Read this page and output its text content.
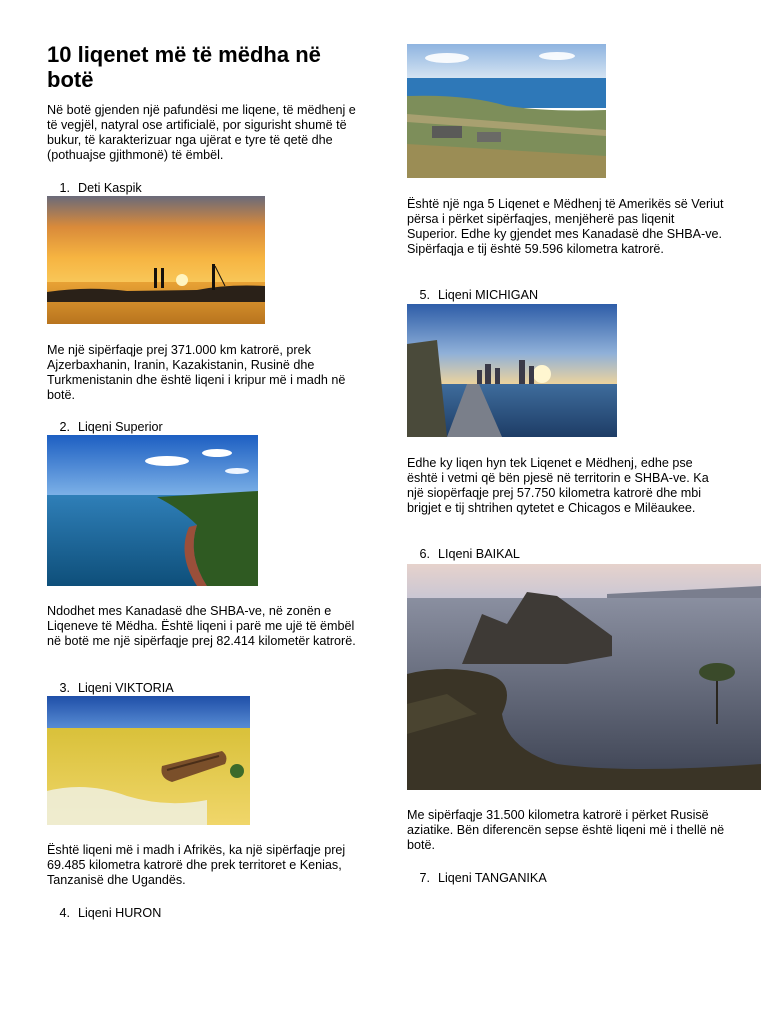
10 liqenet më të mëdha në botë

Në botë gjenden një pafundësi me liqene, të mëdhenj e të vegjël, natyral ose artificialë, por sigurisht shumë të bukur, të karakterizuar nga ujërat e tyre të qetë dhe (pothuajse gjithmonë) të ëmbël.

1. Deti Kaspik

Me një sipërfaqje prej 371.000 km katrorë, prek Ajzerbaxhanin, Iranin, Kazakistanin, Rusinë dhe Turkmenistanin dhe është liqeni i kripur më i madh në botë.

2. Liqeni Superior

Ndodhet mes Kanadasë dhe SHBA-ve, në zonën e Liqeneve të Mëdha. Është liqeni i parë me ujë të ëmbël në botë me një sipërfaqje prej 82.414 kilometër katrorë.

3. Liqeni VIKTORIA

Është liqeni më i madh i Afrikës, ka një sipërfaqje prej 69.485 kilometra katrorë dhe prek territoret e Kenias, Tanzanisë dhe Ugandës.

4. Liqeni HURON

Është një nga 5 Liqenet e Mëdhenj të Amerikës së Veriut përsa i përket sipërfaqjes, menjëherë pas liqenit Superior. Edhe ky gjendet mes Kanadasë dhe SHBA-ve. Sipërfaqja e tij është 59.596 kilometra katrorë.

5. Liqeni MICHIGAN

Edhe ky liqen hyn tek Liqenet e Mëdhenj, edhe pse është i vetmi që bën pjesë në territorin e SHBA-ve. Ka një siopërfaqje prej 57.750 kilometra katrorë dhe mbi brigjet e tij shtrihen qytetet e Chicagos e Milëaukee.

6. LIqeni BAIKAL

Me sipërfaqje 31.500 kilometra katrorë i përket Rusisë aziatike. Bën diferencën sepse është liqeni më i thellë në botë.

7. Liqeni TANGANIKA
